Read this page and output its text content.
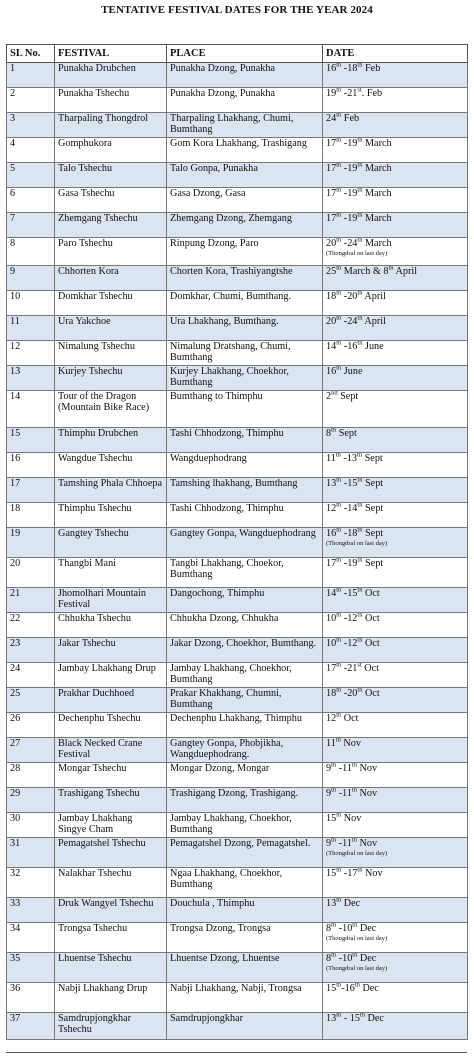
TENTATIVE FESTIVAL DATES FOR THE YEAR 2024
SL No.	FESTIVAL	PLACE	DATE
1	Punakha Drubchen	Punakha Dzong, Punakha	16th -18th Feb
2	Punakha Tshechu	Punakha Dzong, Punakha	19th -21st. Feb
3	Tharpaling Thongdrol	Tharpaling Lhakhang, Chumi, Bumthang	24th Feb
4	Gomphukora	Gom Kora Lhakhang, Trashigang	17th -19th March
5	Talo Tshechu	Talo Gonpa, Punakha	17th -19th March
6	Gasa Tshechu	Gasa Dzong, Gasa	17th -19th March
7	Zhemgang Tshechu	Zhemgang Dzong, Zhemgang	17th -19th March
8	Paro Tshechu	Rinpung Dzong, Paro	20th -24th March
(Thongdral on last day)

9	Chhorten Kora	Chorten Kora, Trashiyangtshe	25th March & 8th April
10	Domkhar Tshechu	Domkhar, Chumi, Bumthang.	18th -20th April
11	Ura Yakchoe	Ura Lhakhang, Bumthang.	20th -24th April
12	Nimalung Tshechu	Nimalung Dratshang, Chumi, Bumthang	14th -16th June
13	Kurjey Tshechu	Kurjey Lhakhang, Choekhor, Bumthang	16th June
14	Tour of the Dragon (Mountain Bike Race)	Bumthang to Thimphu	2nd Sept
15	Thimphu Drubchen	Tashi Chhodzong, Thimphu	8th Sept
16	Wangdue Tshechu	Wangduephodrang	11th -13th Sept
17	Tamshing Phala Chhoepa	Tamshing lhakhang, Bumthang	13th -15th Sept
18	Thimphu Tshechu	Tashi Chhodzong, Thimphu	12th -14th Sept
19	Gangtey Tshechu	Gangtey Gonpa, Wangduephodrang	16th -18th Sept
(Thongdral on last day)

20	Thangbi Mani	Tangbi Lhakhang, Choekor, Bumthang	17th -19th Sept
21	Jhomolhari Mountain Festival	Dangochong, Thimphu	14th -15th Oct
22	Chhukha Tshechu	Chhukha Dzong, Chhukha	10th -12th Oct
23	Jakar Tshechu	Jakar Dzong, Choekhor, Bumthang.	10th -12th Oct
24	Jambay Lhakhang Drup	Jambay Lhakhang, Choekhor, Bumthang	17th -21st Oct
25	Prakhar Duchhoed	Prakar Khakhang, Chumni, Bumthang	18th -20th Oct
26	Dechenphu Tshechu	Dechenphu Lhakhang, Thimphu	12th Oct
27	Black Necked Crane Festival	Gangtey Gonpa, Phobjikha, Wangduephodrang.	11th Nov
28	Mongar Tshechu	Mongar Dzong, Mongar	9th -11th Nov
29	Trashigang Tshechu	Trashigang Dzong, Trashigang.	9th -11th Nov
30	Jambay Lhakhang Singye Cham	Jambay Lhakhang, Choekhor, Bumthang	15th Nov
31	Pemagatshel Tshechu	Pemagatshel Dzong, Pemagatshel.	9th -11th Nov
(Thongdral on last day)

32	Nalakhar Tshechu	Ngaa Lhakhang, Choekhor, Bumthang	15th -17th Nov
33	Druk Wangyel Tshechu	Douchula , Thimphu	13th Dec
34	Trongsa Tshechu	Trongsa Dzong, Trongsa	8th -10th Dec
(Thongdral on last day)

35	Lhuentse Tshechu	Lhuentse Dzong, Lhuentse	8th -10th Dec
(Thongdral on last day)

36	Nabji Lhakhang Drup	Nabji Lhakhang, Nabji, Trongsa	15th-16th Dec
37	Samdrupjongkhar Tshechu	Samdrupjongkhar	13th - 15th Dec
